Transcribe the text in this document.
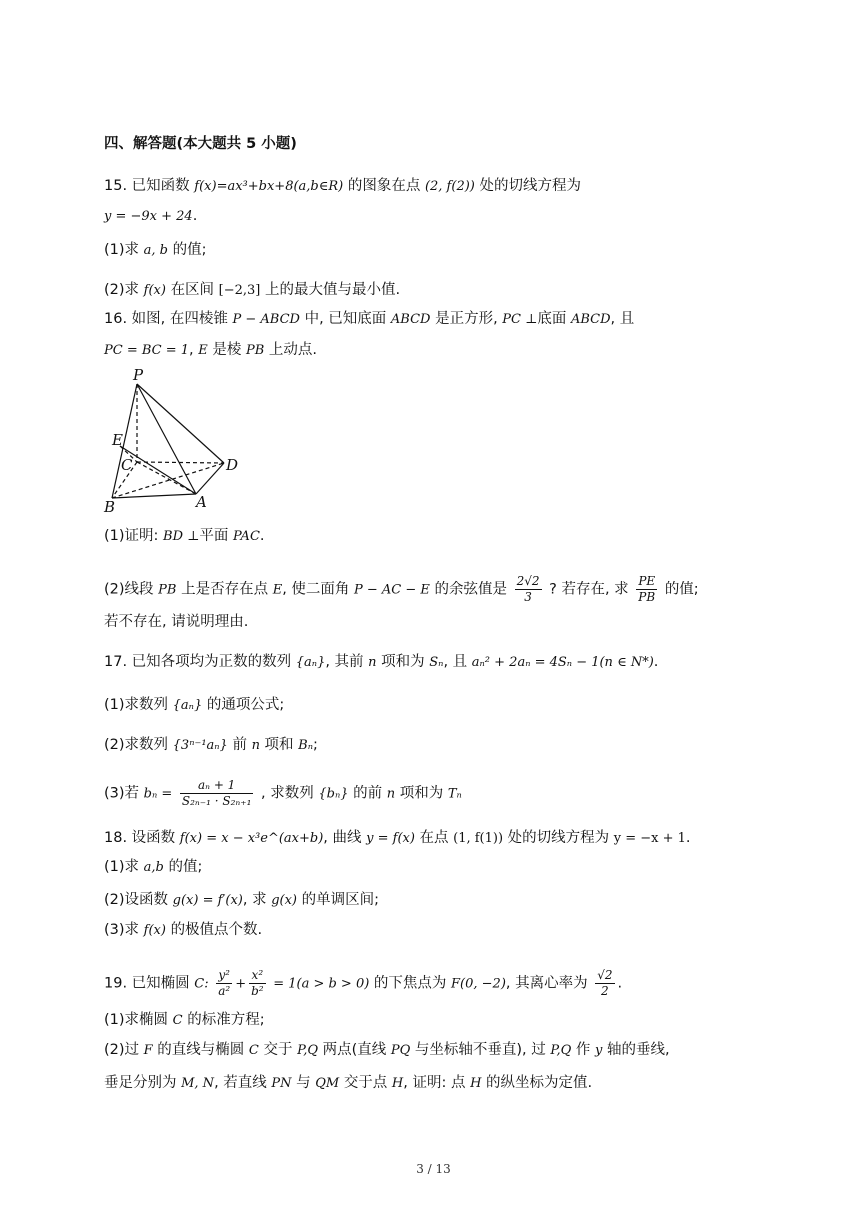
四、解答题(本大题共 5 小题)
15. 已知函数 f(x)=ax³+bx+8(a,b∈R) 的图象在点 (2, f(2)) 处的切线方程为
y = −9x + 24.
(1)求 a, b 的值;
(2)求 f(x) 在区间 [−2,3] 上的最大值与最小值.
16. 如图, 在四棱锥 P − ABCD 中, 已知底面 ABCD 是正方形, PC ⊥底面 ABCD, 且
PC = BC = 1, E 是棱 PB 上动点.
P
E
C	D
B	A
(1)证明: BD ⊥平面 PAC.
(2)线段 PB 上是否存在点 E, 使二面角 P − AC − E 的余弦值是 $\frac{2√2}{3}$ ? 若存在, 求 $\frac{PE}{PB}$ 的值;
若不存在, 请说明理由.
17. 已知各项均为正数的数列 {aₙ}, 其前 n 项和为 Sₙ, 且 aₙ² + 2aₙ = 4Sₙ − 1(n ∈ N*).
(1)求数列 {aₙ} 的通项公式;
(2)求数列 {3ⁿ⁻¹aₙ} 前 n 项和 Bₙ;
(3)若 $b_n = \frac{\text{aₙ + 1}}{\text{S₂ₙ₋₁ · S₂ₙ₊₁}}$ , 求数列 {bₙ} 的前 n 项和为 Tₙ
18. 设函数 f(x) = x − x³e^(ax+b), 曲线 y = f(x) 在点 (1, f(1)) 处的切线方程为 y = −x + 1.
(1)求 a,b 的值;
(2)设函数 g(x) = f′(x), 求 g(x) 的单调区间;
(3)求 f(x) 的极值点个数.
19. 已知椭圆 C: $\frac{\text{y²}}{\text{a²}} + \frac{\text{x²}}{\text{b²}} = 1(a > b > 0)$ 的下焦点为 F(0, −2), 其离心率为 $\frac{√2}{2}$ .
(1)求椭圆 C 的标准方程;
(2)过 F 的直线与椭圆 C 交于 P,Q 两点(直线 PQ 与坐标轴不垂直), 过 P,Q 作 y 轴的垂线,
垂足分别为 M, N, 若直线 PN 与 QM 交于点 H, 证明: 点 H 的纵坐标为定值.
3 / 13
